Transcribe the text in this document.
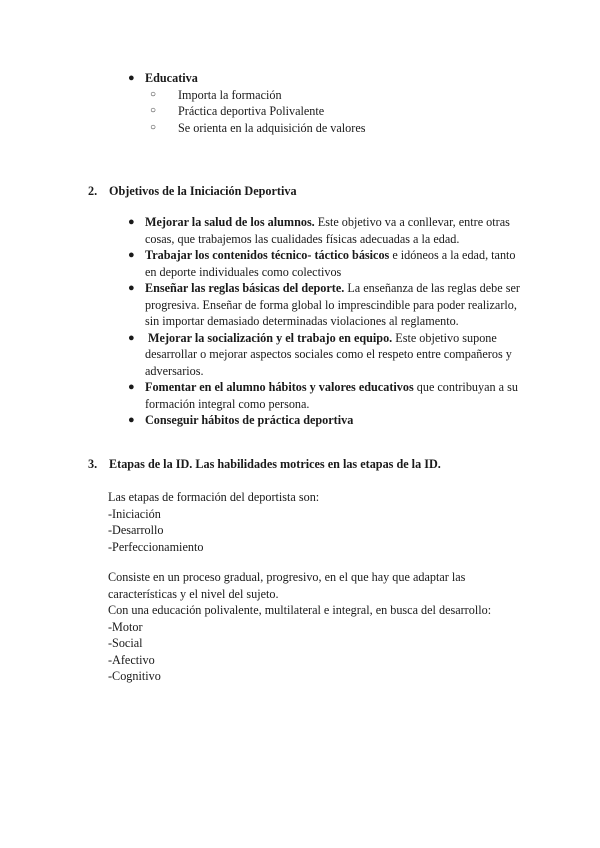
● Educativa
○ Importa la formación
○ Práctica deportiva Polivalente
○ Se orienta en la adquisición de valores
2. Objetivos de la Iniciación Deportiva
● Mejorar la salud de los alumnos. Este objetivo va a conllevar, entre otras cosas, que trabajemos las cualidades físicas adecuadas a la edad.
● Trabajar los contenidos técnico- táctico básicos e idóneos a la edad, tanto en deporte individuales como colectivos
● Enseñar las reglas básicas del deporte. La enseñanza de las reglas debe ser progresiva. Enseñar de forma global lo imprescindible para poder realizarlo, sin importar demasiado determinadas violaciones al reglamento.
● Mejorar la socialización y el trabajo en equipo. Este objetivo supone desarrollar o mejorar aspectos sociales como el respeto entre compañeros y adversarios.
● Fomentar en el alumno hábitos y valores educativos que contribuyan a su formación integral como persona.
● Conseguir hábitos de práctica deportiva
3. Etapas de la ID. Las habilidades motrices en las etapas de la ID.
Las etapas de formación del deportista son:
-Iniciación
-Desarrollo
-Perfeccionamiento
Consiste en un proceso gradual, progresivo, en el que hay que adaptar las
características y el nivel del sujeto.
Con una educación polivalente, multilateral e integral, en busca del desarrollo:
-Motor
-Social
-Afectivo
-Cognitivo
